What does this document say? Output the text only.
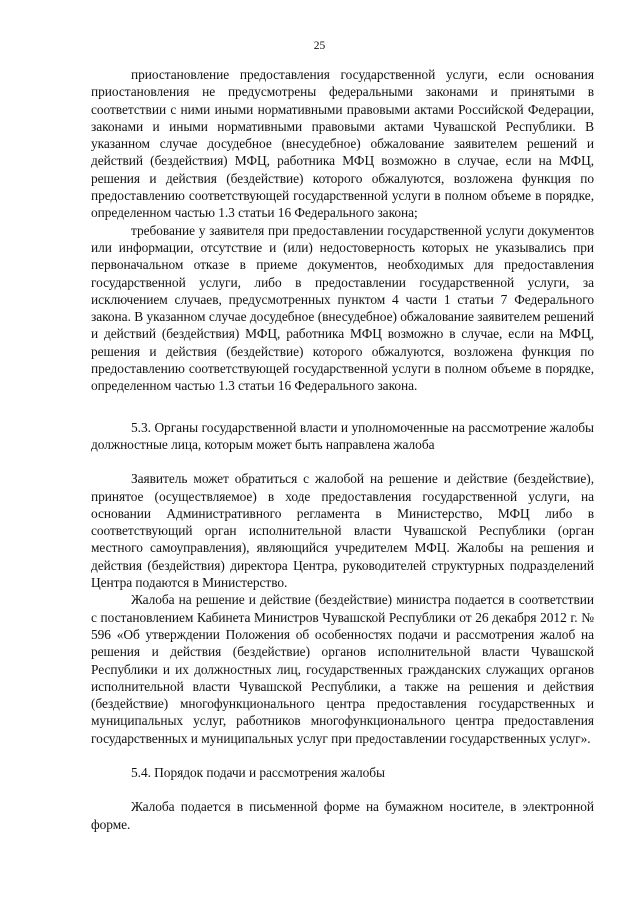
25

приостановление предоставления государственной услуги, если основания приостановления не предусмотрены федеральными законами и принятыми в соответствии с ними иными нормативными правовыми актами Российской Федерации, законами и иными нормативными правовыми актами Чувашской Республики. В указанном случае досудебное (внесудебное) обжалование заявителем решений и действий (бездействия) МФЦ, работника МФЦ возможно в случае, если на МФЦ, решения и действия (бездействие) которого обжалуются, возложена функция по предоставлению соответствующей государственной услуги в полном объеме в порядке, определенном частью 1.3 статьи 16 Федерального закона;

требование у заявителя при предоставлении государственной услуги документов или информации, отсутствие и (или) недостоверность которых не указывались при первоначальном отказе в приеме документов, необходимых для предоставления государственной услуги, либо в предоставлении государственной услуги, за исключением случаев, предусмотренных пунктом 4 части 1 статьи 7 Федерального закона. В указанном случае досудебное (внесудебное) обжалование заявителем решений и действий (бездействия) МФЦ, работника МФЦ возможно в случае, если на МФЦ, решения и действия (бездействие) которого обжалуются, возложена функция по предоставлению соответствующей государственной услуги в полном объеме в порядке, определенном частью 1.3 статьи 16 Федерального закона.

5.3. Органы государственной власти и уполномоченные на рассмотрение жалобы должностные лица, которым может быть направлена жалоба

Заявитель может обратиться с жалобой на решение и действие (бездействие), принятое (осуществляемое) в ходе предоставления государственной услуги, на основании Административного регламента в Министерство, МФЦ либо в соответствующий орган исполнительной власти Чувашской Республики (орган местного самоуправления), являющийся учредителем МФЦ. Жалобы на решения и действия (бездействия) директора Центра, руководителей структурных подразделений Центра подаются в Министерство.

Жалоба на решение и действие (бездействие) министра подается в соответствии с постановлением Кабинета Министров Чувашской Республики от 26 декабря 2012 г. № 596 «Об утверждении Положения об особенностях подачи и рассмотрения жалоб на решения и действия (бездействие) органов исполнительной власти Чувашской Республики и их должностных лиц, государственных гражданских служащих органов исполнительной власти Чувашской Республики, а также на решения и действия (бездействие) многофункционального центра предоставления государственных и муниципальных услуг, работников многофункционального центра предоставления государственных и муниципальных услуг при предоставлении государственных услуг».

5.4. Порядок подачи и рассмотрения жалобы

Жалоба подается в письменной форме на бумажном носителе, в электронной форме.
